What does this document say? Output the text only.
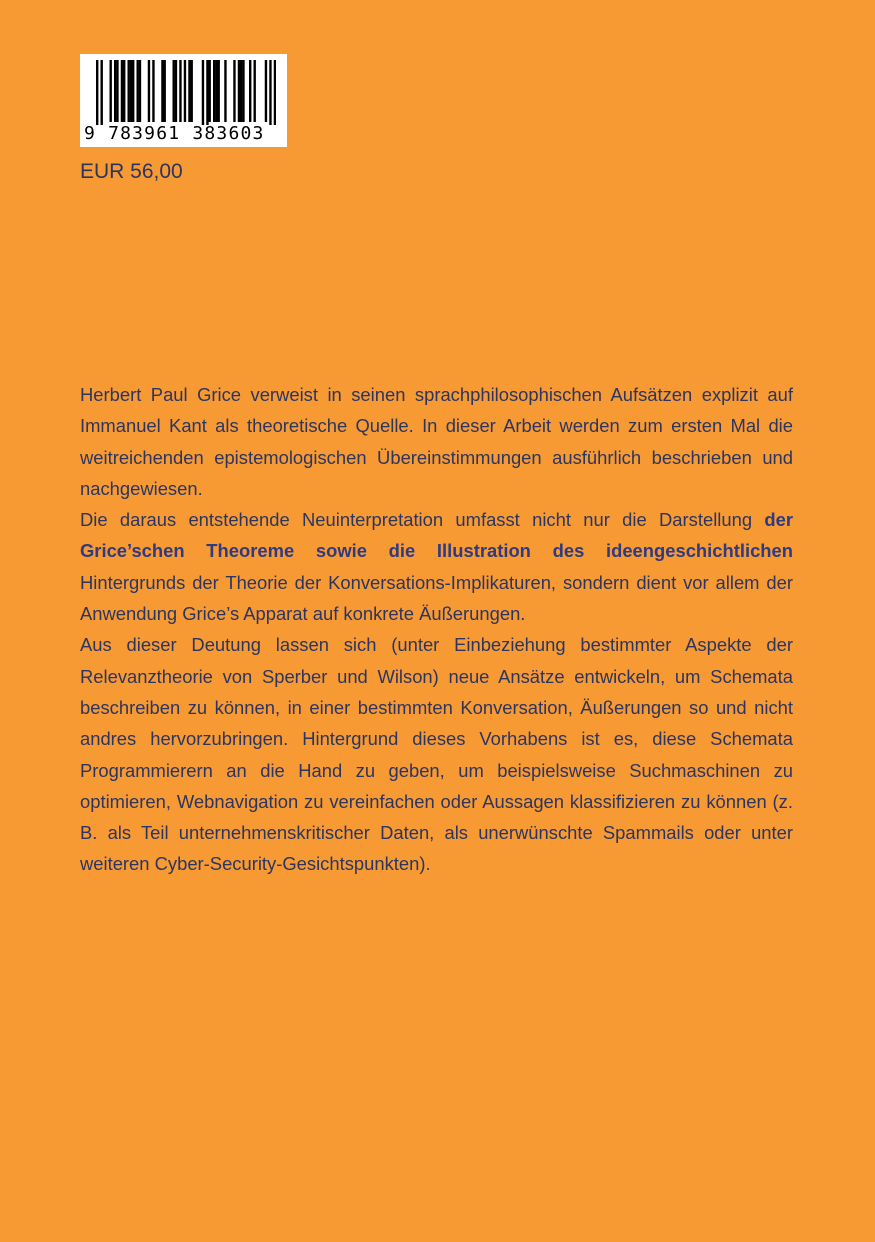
9 783961 383603
EUR 56,00

Herbert Paul Grice verweist in seinen sprachphilosophischen Aufsätzen explizit auf Immanuel Kant als theoretische Quelle. In dieser Arbeit werden zum ersten Mal die weitreichenden epistemologischen Übereinstimmungen ausführlich beschrieben und nachgewiesen.

Die daraus entstehende Neuinterpretation umfasst nicht nur die Darstellung der Grice’schen Theoreme sowie die Illustration des ideengeschichtlichen Hintergrunds der Theorie der Konversations-Implikaturen, sondern dient vor allem der Anwendung Grice’s Apparat auf konkrete Äußerungen.

Aus dieser Deutung lassen sich (unter Einbeziehung bestimmter Aspekte der Relevanztheorie von Sperber und Wilson) neue Ansätze entwickeln, um Schemata beschreiben zu können, in einer bestimmten Konversation, Äußerungen so und nicht andres hervorzubringen. Hintergrund dieses Vorhabens ist es, diese Schemata Programmierern an die Hand zu geben, um beispielsweise Suchmaschinen zu optimieren, Webnavigation zu vereinfachen oder Aussagen klassifizieren zu können (z. B. als Teil unternehmenskritischer Daten, als unerwünschte Spammails oder unter weiteren Cyber-Security-Gesichtspunkten).
